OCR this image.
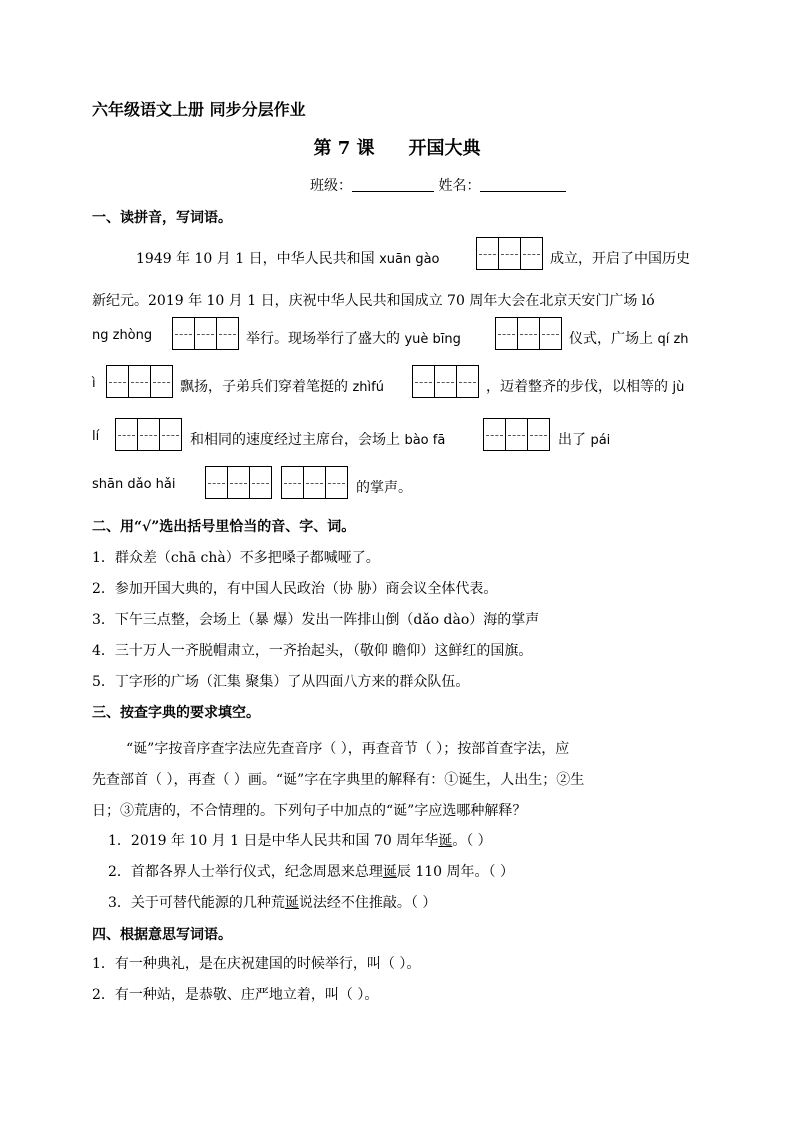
六年级语文上册 同步分层作业
第 7 课 开国大典
班级：	姓名：
一、读拼音，写词语。
1949 年 10 月 1 日，中华人民共和国 xuān gào	成立，开启了中国历史
新纪元。2019 年 10 月 1 日，庆祝中华人民共和国成立 70 周年大会在北京天安门广场 ló
ng zhòng	举行。现场举行了盛大的 yuè bīng	仪式，广场上 qí zh
ì	飘扬，子弟兵们穿着笔挺的 zhìfú	，迈着整齐的步伐，以相等的 jù
lí	和相同的速度经过主席台，会场上 bào fā	出了 pái
shān dǎo hǎi	的掌声。
二、用“√”选出括号里恰当的音、字、词。
1．群众差（chā chà）不多把嗓子都喊哑了。
2．参加开国大典的，有中国人民政治（协 胁）商会议全体代表。
3．下午三点整，会场上（暴 爆）发出一阵排山倒（dǎo dào）海的掌声
4．三十万人一齐脱帽肃立，一齐抬起头，（敬仰 瞻仰）这鲜红的国旗。
5．丁字形的广场（汇集 聚集）了从四面八方来的群众队伍。
三、按查字典的要求填空。
“诞”字按音序查字法应先查音序（ ），再查音节（ ）；按部首查字法，应
先查部首（ ），再查（ ）画。“诞”字在字典里的解释有：①诞生，人出生；②生
日；③荒唐的，不合情理的。下列句子中加点的“诞”字应选哪种解释？
1．2019 年 10 月 1 日是中华人民共和国 70 周年华诞。（ ）
2．首都各界人士举行仪式，纪念周恩来总理诞辰 110 周年。（ ）
3．关于可替代能源的几种荒诞说法经不住推敲。（ ）
四、根据意思写词语。
1．有一种典礼，是在庆祝建国的时候举行，叫（ ）。
2．有一种站，是恭敬、庄严地立着，叫（ ）。
